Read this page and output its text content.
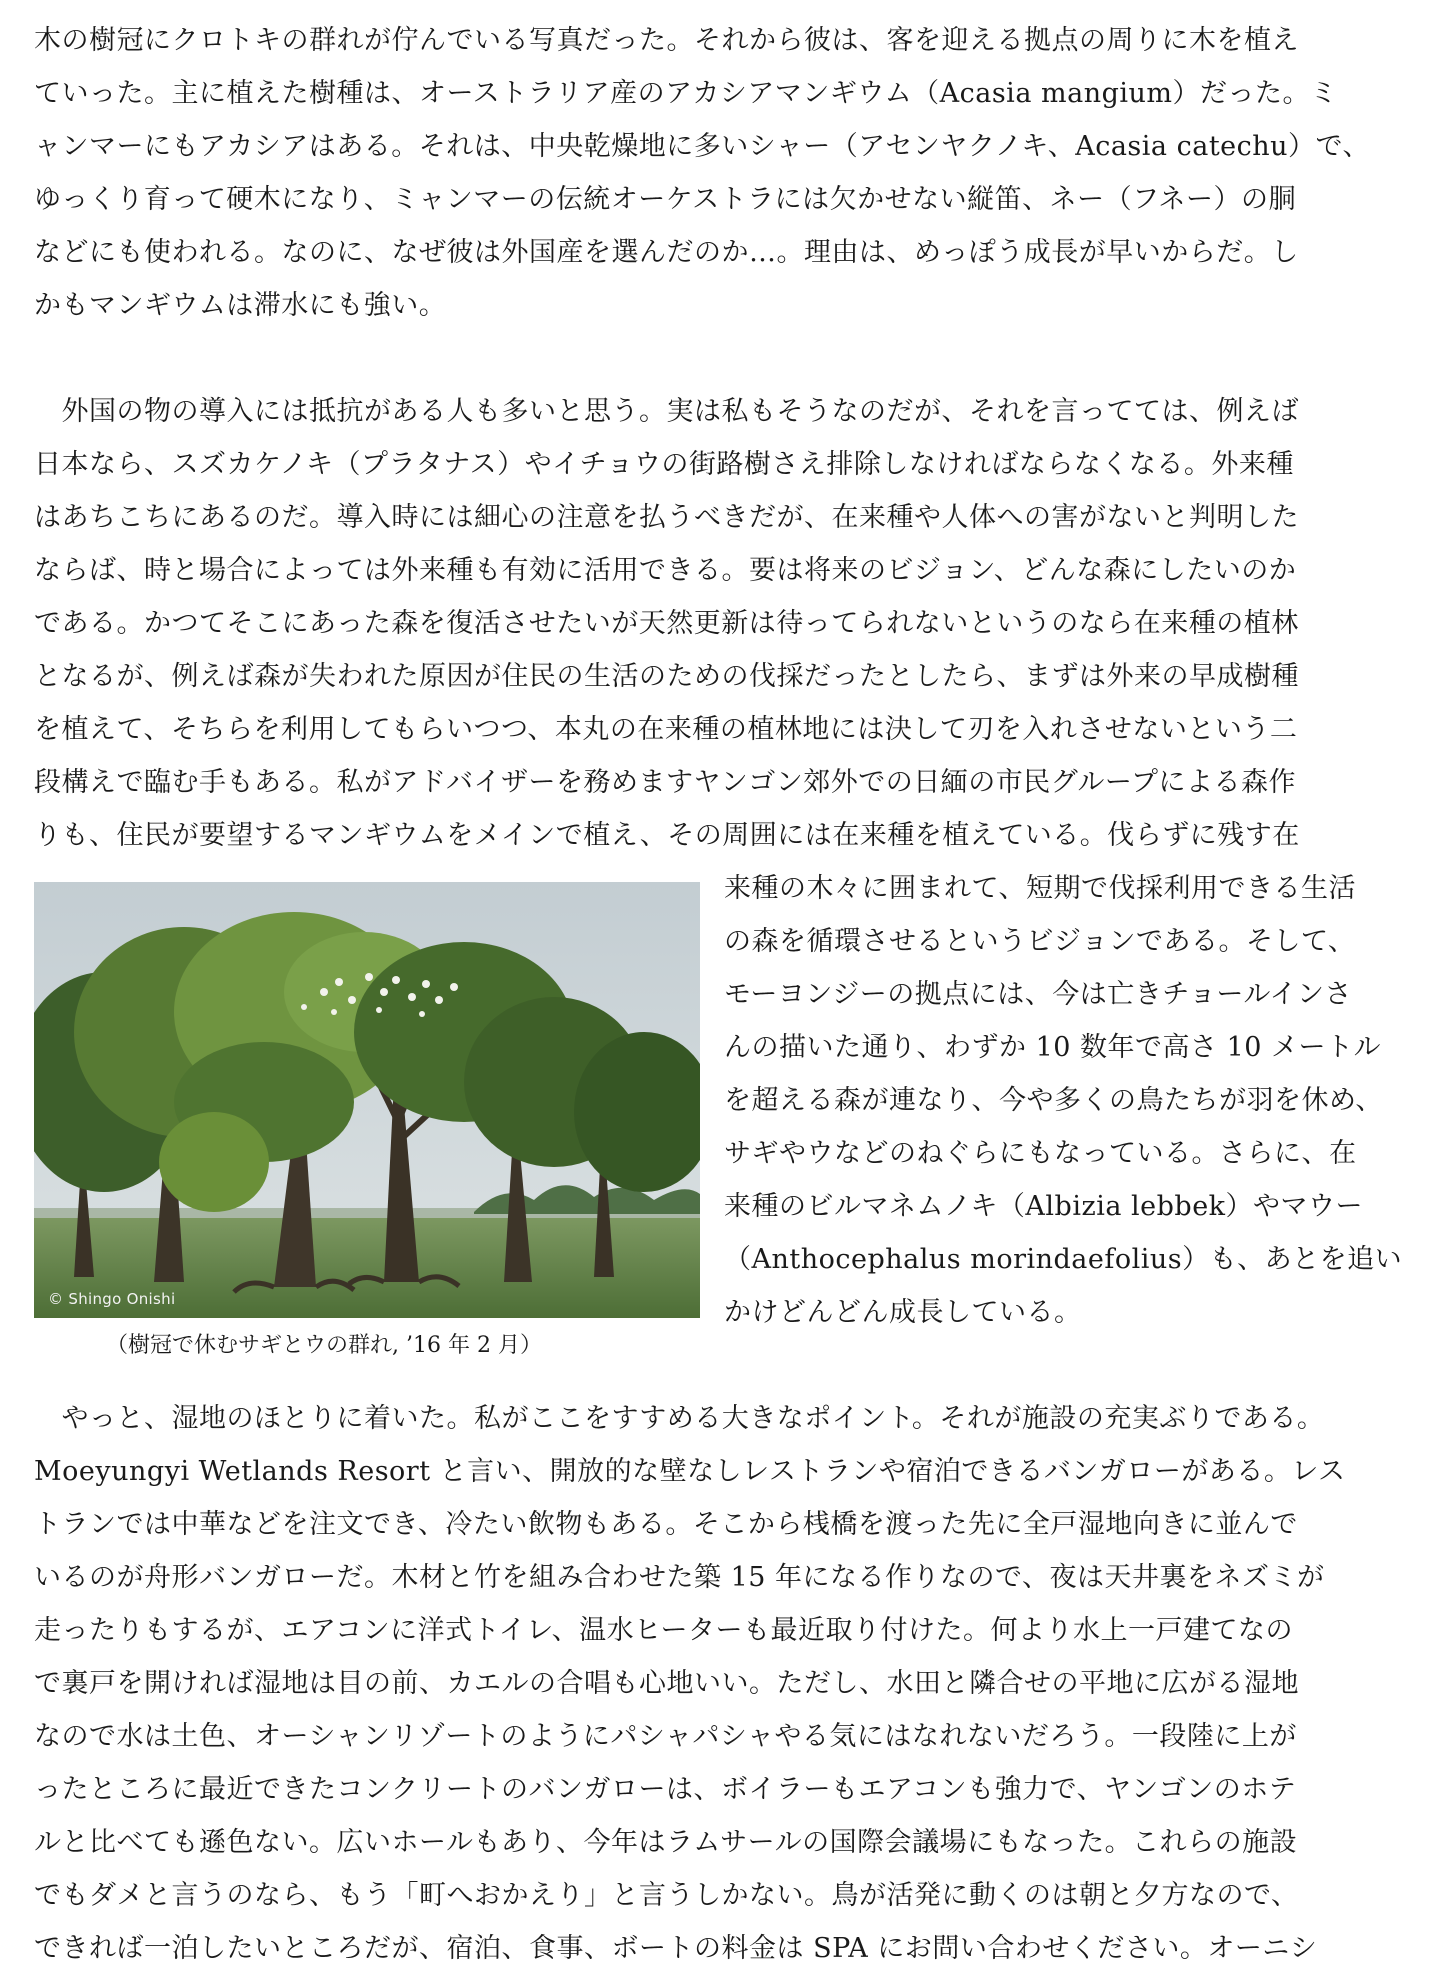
木の樹冠にクロトキの群れが佇んでいる写真だった。それから彼は、客を迎える拠点の周りに木を植え
ていった。主に植えた樹種は、オーストラリア産のアカシアマンギウム（Acasia mangium）だった。ミ
ャンマーにもアカシアはある。それは、中央乾燥地に多いシャー（アセンヤクノキ、Acasia catechu）で、
ゆっくり育って硬木になり、ミャンマーの伝統オーケストラには欠かせない縦笛、ネー（フネー）の胴
などにも使われる。なのに、なぜ彼は外国産を選んだのか…。理由は、めっぽう成長が早いからだ。し
かもマンギウムは滞水にも強い。
　外国の物の導入には抵抗がある人も多いと思う。実は私もそうなのだが、それを言ってては、例えば
日本なら、スズカケノキ（プラタナス）やイチョウの街路樹さえ排除しなければならなくなる。外来種
はあちこちにあるのだ。導入時には細心の注意を払うべきだが、在来種や人体への害がないと判明した
ならば、時と場合によっては外来種も有効に活用できる。要は将来のビジョン、どんな森にしたいのか
である。かつてそこにあった森を復活させたいが天然更新は待ってられないというのなら在来種の植林
となるが、例えば森が失われた原因が住民の生活のための伐採だったとしたら、まずは外来の早成樹種
を植えて、そちらを利用してもらいつつ、本丸の在来種の植林地には決して刃を入れさせないという二
段構えで臨む手もある。私がアドバイザーを務めますヤンゴン郊外での日緬の市民グループによる森作
りも、住民が要望するマンギウムをメインで植え、その周囲には在来種を植えている。伐らずに残す在
© Shingo Onishi
（樹冠で休むサギとウの群れ, ’16 年 2 月）
来種の木々に囲まれて、短期で伐採利用できる生活
の森を循環させるというビジョンである。そして、
モーヨンジーの拠点には、今は亡きチョールインさ
んの描いた通り、わずか 10 数年で高さ 10 メートル
を超える森が連なり、今や多くの鳥たちが羽を休め、
サギやウなどのねぐらにもなっている。さらに、在
来種のビルマネムノキ（Albizia lebbek）やマウー
（Anthocephalus morindaefolius）も、あとを追い
かけどんどん成長している。
　やっと、湿地のほとりに着いた。私がここをすすめる大きなポイント。それが施設の充実ぶりである。
Moeyungyi Wetlands Resort と言い、開放的な壁なしレストランや宿泊できるバンガローがある。レス
トランでは中華などを注文でき、冷たい飲物もある。そこから桟橋を渡った先に全戸湿地向きに並んで
いるのが舟形バンガローだ。木材と竹を組み合わせた築 15 年になる作りなので、夜は天井裏をネズミが
走ったりもするが、エアコンに洋式トイレ、温水ヒーターも最近取り付けた。何より水上一戸建てなの
で裏戸を開ければ湿地は目の前、カエルの合唱も心地いい。ただし、水田と隣合せの平地に広がる湿地
なので水は土色、オーシャンリゾートのようにパシャパシャやる気にはなれないだろう。一段陸に上が
ったところに最近できたコンクリートのバンガローは、ボイラーもエアコンも強力で、ヤンゴンのホテ
ルと比べても遜色ない。広いホールもあり、今年はラムサールの国際会議場にもなった。これらの施設
でもダメと言うのなら、もう「町へおかえり」と言うしかない。鳥が活発に動くのは朝と夕方なので、
できれば一泊したいところだが、宿泊、食事、ボートの料金は SPA にお問い合わせください。オーニシ
